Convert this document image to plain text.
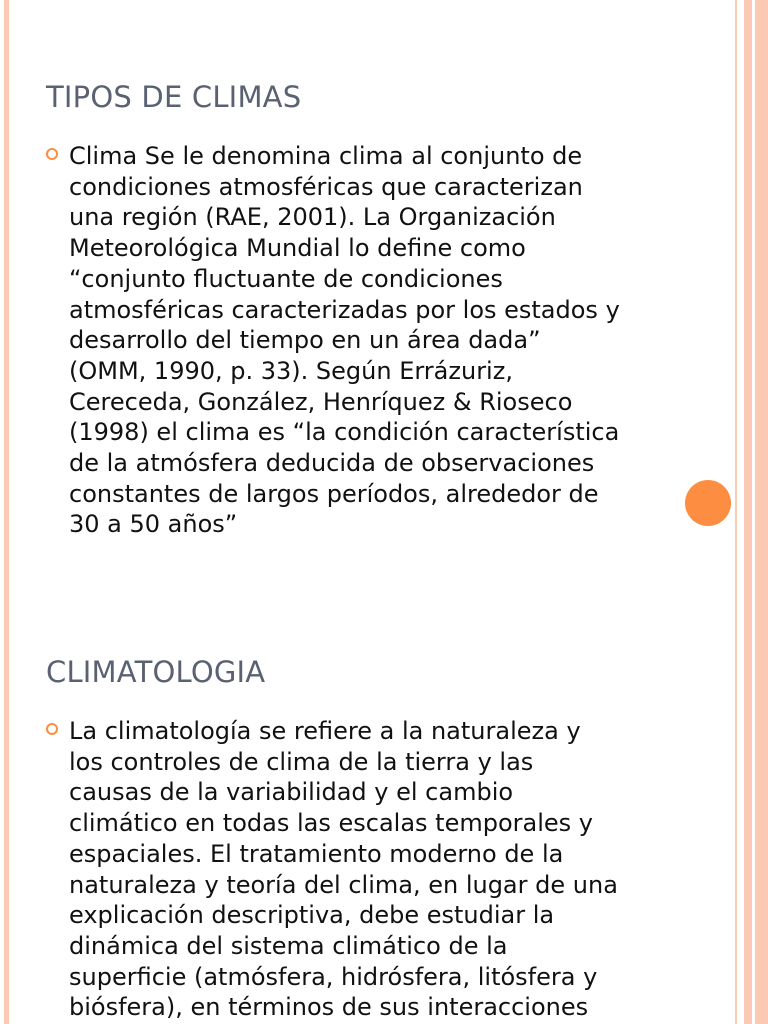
TIPOS DE CLIMAS

Clima Se le denomina clima al conjunto de
condiciones atmosféricas que caracterizan
una región (RAE, 2001). La Organización
Meteorológica Mundial lo define como
“conjunto fluctuante de condiciones
atmosféricas caracterizadas por los estados y
desarrollo del tiempo en un área dada”
(OMM, 1990, p. 33). Según Errázuriz,
Cereceda, González, Henríquez & Rioseco
(1998) el clima es “la condición característica
de la atmósfera deducida de observaciones
constantes de largos períodos, alrededor de
30 a 50 años”

CLIMATOLOGIA

La climatología se refiere a la naturaleza y
los controles de clima de la tierra y las
causas de la variabilidad y el cambio
climático en todas las escalas temporales y
espaciales. El tratamiento moderno de la
naturaleza y teoría del clima, en lugar de una
explicación descriptiva, debe estudiar la
dinámica del sistema climático de la
superficie (atmósfera, hidrósfera, litósfera y
biósfera), en términos de sus interacciones
